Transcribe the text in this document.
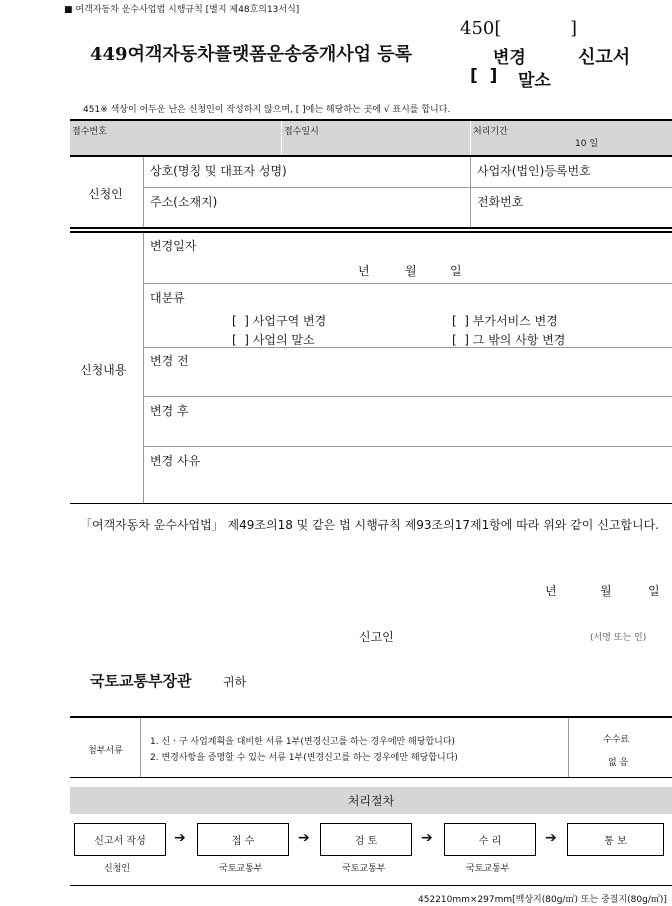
■ 여객자동차 운수사업법 시행규칙 [별지 제48호의13서식]
449여객자동차플랫폼운송중개사업 등록
450[	]
변경	신고서
[  ] 말소
451※ 색상이 어두운 난은 신청인이 작성하지 않으며, [ ]에는 해당하는 곳에 √ 표시를 합니다.
접수번호	접수일시	처리기간
10 일
신청인
상호(명칭 및 대표자 성명)	사업자(법인)등록번호
주소(소재지)	전화번호
신청내용
변경일자
년	월	일
대분류
[  ] 사업구역 변경	[  ] 부가서비스 변경
[  ] 사업의 말소	[  ] 그 밖의 사항 변경
변경 전
변경 후
변경 사유
「여객자동차 운수사업법」 제49조의18 및 같은 법 시행규칙 제93조의17제1항에 따라 위와 같이 신고합니다.
년	월	일
신고인	(서명 또는 인)
국토교통부장관	귀하
첨부서류
1. 신ㆍ구 사업계획을 대비한 서류 1부(변경신고를 하는 경우에만 해당합니다)
2. 변경사항을 증명할 수 있는 서류 1부(변경신고를 하는 경우에만 해당합니다)
수수료
없 음
처리절차
신고서 작성	➔	접 수	➔	검 토	➔	수 리	➔	통 보
신청인	국토교통부	국토교통부	국토교통부
452210mm×297mm[백상지(80g/㎡) 또는 중질지(80g/㎡)]
